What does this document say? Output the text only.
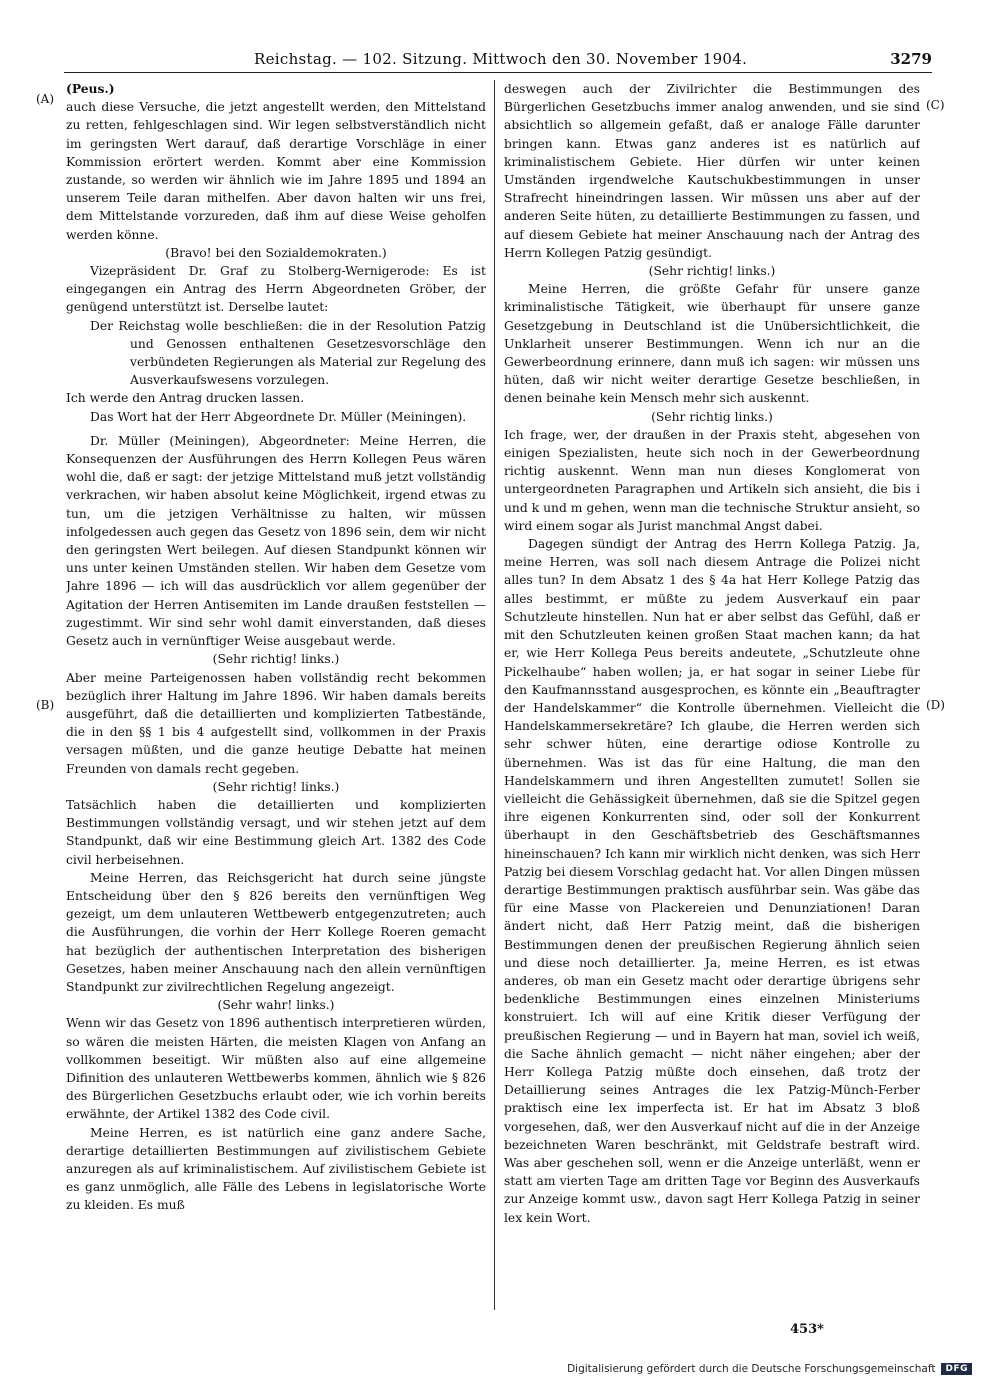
Reichstag. — 102. Sitzung. Mittwoch den 30. November 1904.	3279
(A)
(B)
(C)
(D)

(Peus.)

auch diese Versuche, die jetzt angestellt werden, den Mittelstand zu retten, fehlgeschlagen sind. Wir legen selbstverständlich nicht im geringsten Wert darauf, daß derartige Vorschläge in einer Kommission erörtert werden. Kommt aber eine Kommission zustande, so werden wir ähnlich wie im Jahre 1895 und 1894 an unserem Teile daran mithelfen. Aber davon halten wir uns frei, dem Mittelstande vorzureden, daß ihm auf diese Weise geholfen werden könne.

(Bravo! bei den Sozialdemokraten.)

Vizepräsident Dr. Graf zu Stolberg-Wernigerode: Es ist eingegangen ein Antrag des Herrn Abgeordneten Gröber, der genügend unterstützt ist. Derselbe lautet:

Der Reichstag wolle beschließen: die in der Resolution Patzig und Genossen enthaltenen Gesetzesvorschläge den verbündeten Regierungen als Material zur Regelung des Ausverkaufswesens vorzulegen.

Ich werde den Antrag drucken lassen.

Das Wort hat der Herr Abgeordnete Dr. Müller (Meiningen).

Dr. Müller (Meiningen), Abgeordneter: Meine Herren, die Konsequenzen der Ausführungen des Herrn Kollegen Peus wären wohl die, daß er sagt: der jetzige Mittelstand muß jetzt vollständig verkrachen, wir haben absolut keine Möglichkeit, irgend etwas zu tun, um die jetzigen Verhältnisse zu halten, wir müssen infolgedessen auch gegen das Gesetz von 1896 sein, dem wir nicht den geringsten Wert beilegen. Auf diesen Standpunkt können wir uns unter keinen Umständen stellen. Wir haben dem Gesetze vom Jahre 1896 — ich will das ausdrücklich vor allem gegenüber der Agitation der Herren Antisemiten im Lande draußen feststellen — zugestimmt. Wir sind sehr wohl damit einverstanden, daß dieses Gesetz auch in vernünftiger Weise ausgebaut werde.

(Sehr richtig! links.)

Aber meine Parteigenossen haben vollständig recht bekommen bezüglich ihrer Haltung im Jahre 1896. Wir haben damals bereits ausgeführt, daß die detaillierten und komplizierten Tatbestände, die in den §§ 1 bis 4 aufgestellt sind, vollkommen in der Praxis versagen müßten, und die ganze heutige Debatte hat meinen Freunden von damals recht gegeben.

(Sehr richtig! links.)

Tatsächlich haben die detaillierten und komplizierten Bestimmungen vollständig versagt, und wir stehen jetzt auf dem Standpunkt, daß wir eine Bestimmung gleich Art. 1382 des Code civil herbeisehnen.

Meine Herren, das Reichsgericht hat durch seine jüngste Entscheidung über den § 826 bereits den vernünftigen Weg gezeigt, um dem unlauteren Wettbewerb entgegenzutreten; auch die Ausführungen, die vorhin der Herr Kollege Roeren gemacht hat bezüglich der authentischen Interpretation des bisherigen Gesetzes, haben meiner Anschauung nach den allein vernünftigen Standpunkt zur zivilrechtlichen Regelung angezeigt.

(Sehr wahr! links.)

Wenn wir das Gesetz von 1896 authentisch interpretieren würden, so wären die meisten Härten, die meisten Klagen von Anfang an vollkommen beseitigt. Wir müßten also auf eine allgemeine Difinition des unlauteren Wettbewerbs kommen, ähnlich wie § 826 des Bürgerlichen Gesetzbuchs erlaubt oder, wie ich vorhin bereits erwähnte, der Artikel 1382 des Code civil.

Meine Herren, es ist natürlich eine ganz andere Sache, derartige detaillierten Bestimmungen auf zivilistischem Gebiete anzuregen als auf kriminalistischem. Auf zivilistischem Gebiete ist es ganz unmöglich, alle Fälle des Lebens in legislatorische Worte zu kleiden. Es muß

deswegen auch der Zivilrichter die Bestimmungen des Bürgerlichen Gesetzbuchs immer analog anwenden, und sie sind absichtlich so allgemein gefaßt, daß er analoge Fälle darunter bringen kann. Etwas ganz anderes ist es natürlich auf kriminalistischem Gebiete. Hier dürfen wir unter keinen Umständen irgendwelche Kautschukbestimmungen in unser Strafrecht hineindringen lassen. Wir müssen uns aber auf der anderen Seite hüten, zu detaillierte Bestimmungen zu fassen, und auf diesem Gebiete hat meiner Anschauung nach der Antrag des Herrn Kollegen Patzig gesündigt.

(Sehr richtig! links.)

Meine Herren, die größte Gefahr für unsere ganze kriminalistische Tätigkeit, wie überhaupt für unsere ganze Gesetzgebung in Deutschland ist die Unübersichtlichkeit, die Unklarheit unserer Bestimmungen. Wenn ich nur an die Gewerbeordnung erinnere, dann muß ich sagen: wir müssen uns hüten, daß wir nicht weiter derartige Gesetze beschließen, in denen beinahe kein Mensch mehr sich auskennt.

(Sehr richtig links.)

Ich frage, wer, der draußen in der Praxis steht, abgesehen von einigen Spezialisten, heute sich noch in der Gewerbeordnung richtig auskennt. Wenn man nun dieses Konglomerat von untergeordneten Paragraphen und Artikeln sich ansieht, die bis i und k und m gehen, wenn man die technische Struktur ansieht, so wird einem sogar als Jurist manchmal Angst dabei.

Dagegen sündigt der Antrag des Herrn Kollega Patzig. Ja, meine Herren, was soll nach diesem Antrage die Polizei nicht alles tun? In dem Absatz 1 des § 4a hat Herr Kollege Patzig das alles bestimmt, er müßte zu jedem Ausverkauf ein paar Schutzleute hinstellen. Nun hat er aber selbst das Gefühl, daß er mit den Schutzleuten keinen großen Staat machen kann; da hat er, wie Herr Kollega Peus bereits andeutete, „Schutzleute ohne Pickelhaube“ haben wollen; ja, er hat sogar in seiner Liebe für den Kaufmannsstand ausgesprochen, es könnte ein „Beauftragter der Handelskammer“ die Kontrolle übernehmen. Vielleicht die Handelskammersekretäre? Ich glaube, die Herren werden sich sehr schwer hüten, eine derartige odiose Kontrolle zu übernehmen. Was ist das für eine Haltung, die man den Handelskammern und ihren Angestellten zumutet! Sollen sie vielleicht die Gehässigkeit übernehmen, daß sie die Spitzel gegen ihre eigenen Konkurrenten sind, oder soll der Konkurrent überhaupt in den Geschäftsbetrieb des Geschäftsmannes hineinschauen? Ich kann mir wirklich nicht denken, was sich Herr Patzig bei diesem Vorschlag gedacht hat. Vor allen Dingen müssen derartige Bestimmungen praktisch ausführbar sein. Was gäbe das für eine Masse von Plackereien und Denunziationen! Daran ändert nicht, daß Herr Patzig meint, daß die bisherigen Bestimmungen denen der preußischen Regierung ähnlich seien und diese noch detaillierter. Ja, meine Herren, es ist etwas anderes, ob man ein Gesetz macht oder derartige übrigens sehr bedenkliche Bestimmungen eines einzelnen Ministeriums konstruiert. Ich will auf eine Kritik dieser Verfügung der preußischen Regierung — und in Bayern hat man, soviel ich weiß, die Sache ähnlich gemacht — nicht näher eingehen; aber der Herr Kollega Patzig müßte doch einsehen, daß trotz der Detaillierung seines Antrages die lex Patzig-Münch-Ferber praktisch eine lex imperfecta ist. Er hat im Absatz 3 bloß vorgesehen, daß, wer den Ausverkauf nicht auf die in der Anzeige bezeichneten Waren beschränkt, mit Geldstrafe bestraft wird. Was aber geschehen soll, wenn er die Anzeige unterläßt, wenn er statt am vierten Tage am dritten Tage vor Beginn des Ausverkaufs zur Anzeige kommt usw., davon sagt Herr Kollega Patzig in seiner lex kein Wort.

453*
Digitalisierung gefördert durch die Deutsche Forschungsgemeinschaft	DFG
